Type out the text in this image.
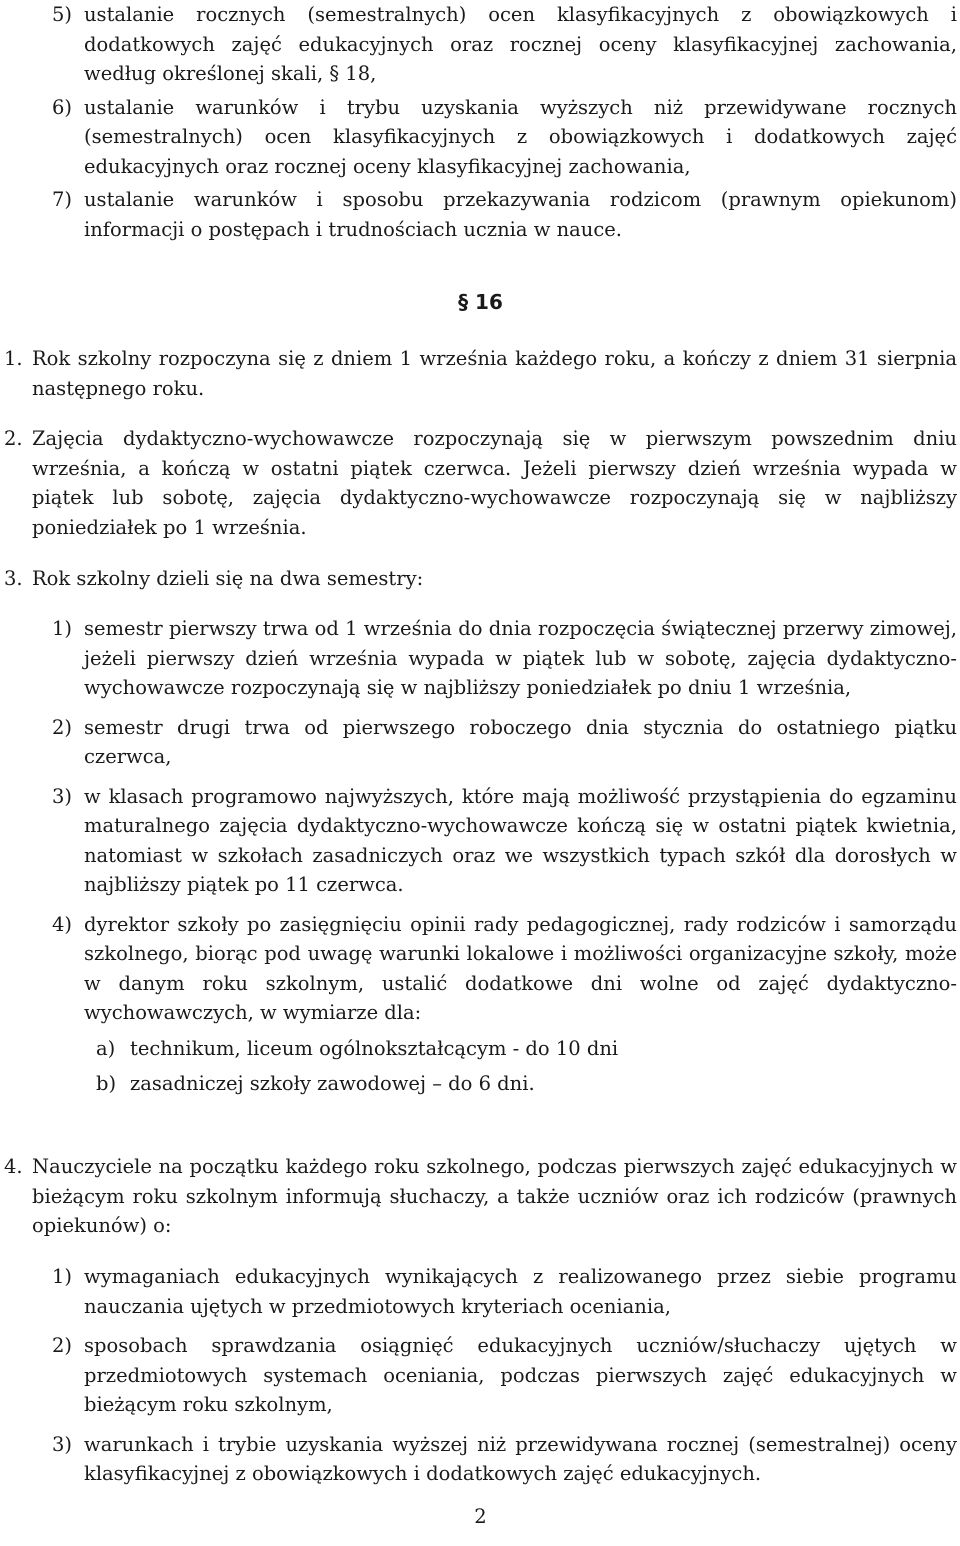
5) ustalanie rocznych (semestralnych) ocen klasyfikacyjnych z obowiązkowych i dodatkowych zajęć edukacyjnych oraz rocznej oceny klasyfikacyjnej zachowania, według określonej skali, § 18,
6) ustalanie warunków i trybu uzyskania wyższych niż przewidywane rocznych (semestralnych) ocen klasyfikacyjnych z obowiązkowych i dodatkowych zajęć edukacyjnych oraz rocznej oceny klasyfikacyjnej zachowania,
7) ustalanie warunków i sposobu przekazywania rodzicom (prawnym opiekunom) informacji o postępach i trudnościach ucznia w nauce.
§ 16
1. Rok szkolny rozpoczyna się z dniem 1 września każdego roku, a kończy z dniem 31 sierpnia następnego roku.
2. Zajęcia dydaktyczno-wychowawcze rozpoczynają się w pierwszym powszednim dniu września, a kończą w ostatni piątek czerwca. Jeżeli pierwszy dzień września wypada w piątek lub sobotę, zajęcia dydaktyczno-wychowawcze rozpoczynają się w najbliższy poniedziałek po 1 września.
3. Rok szkolny dzieli się na dwa semestry:
1) semestr pierwszy trwa od 1 września do dnia rozpoczęcia świątecznej przerwy zimowej, jeżeli pierwszy dzień września wypada w piątek lub w sobotę, zajęcia dydaktyczno-wychowawcze rozpoczynają się w najbliższy poniedziałek po dniu 1 września,
2) semestr drugi trwa od pierwszego roboczego dnia stycznia do ostatniego piątku czerwca,
3) w klasach programowo najwyższych, które mają możliwość przystąpienia do egzaminu maturalnego zajęcia dydaktyczno-wychowawcze kończą się w ostatni piątek kwietnia, natomiast w szkołach zasadniczych oraz we wszystkich typach szkół dla dorosłych w najbliższy piątek po 11 czerwca.
4) dyrektor szkoły po zasięgnięciu opinii rady pedagogicznej, rady rodziców i samorządu szkolnego, biorąc pod uwagę warunki lokalowe i możliwości organizacyjne szkoły, może w danym roku szkolnym, ustalić dodatkowe dni wolne od zajęć dydaktyczno-wychowawczych, w wymiarze dla:
a) technikum, liceum ogólnokształcącym - do 10 dni
b) zasadniczej szkoły zawodowej – do 6 dni.
4. Nauczyciele na początku każdego roku szkolnego, podczas pierwszych zajęć edukacyjnych w bieżącym roku szkolnym informują słuchaczy, a także uczniów oraz ich rodziców (prawnych opiekunów) o:
1) wymaganiach edukacyjnych wynikających z realizowanego przez siebie programu nauczania ujętych w przedmiotowych kryteriach oceniania,
2) sposobach sprawdzania osiągnięć edukacyjnych uczniów/słuchaczy ujętych w przedmiotowych systemach oceniania, podczas pierwszych zajęć edukacyjnych w bieżącym roku szkolnym,
3) warunkach i trybie uzyskania wyższej niż przewidywana rocznej (semestralnej) oceny klasyfikacyjnej z obowiązkowych i dodatkowych zajęć edukacyjnych.
2
